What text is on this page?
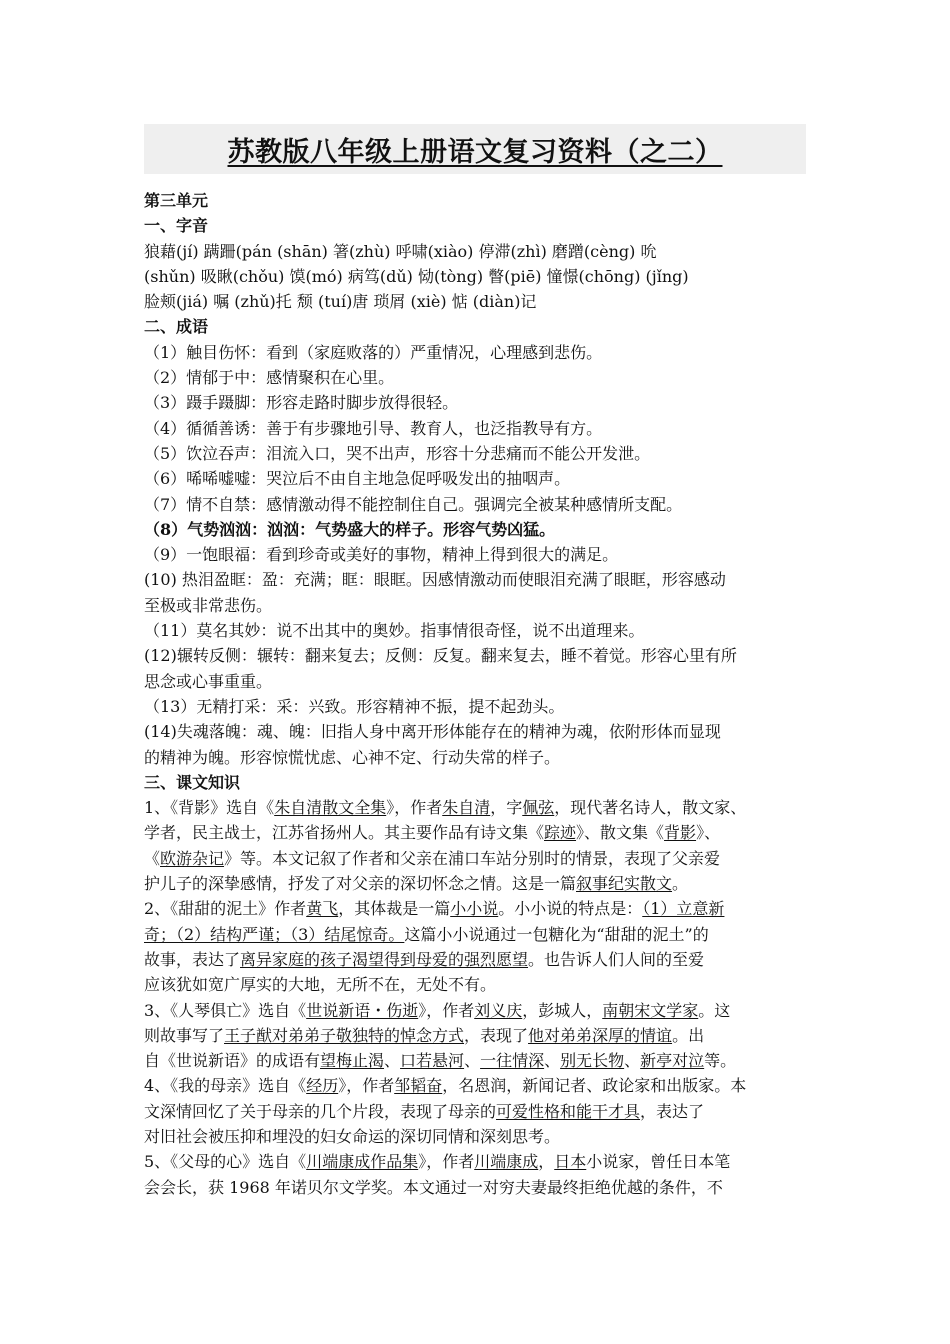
苏教版八年级上册语文复习资料（之二）
第三单元
一、字音
狼藉(jí) 蹒跚(pán (shān) 箸(zhù) 呼啸(xiào) 停滞(zhì) 磨蹭(cèng) 吮
(shǔn) 吸瞅(chǒu) 馍(mó) 病笃(dǔ) 恸(tòng) 瞥(piē) 憧憬(chōng) (jǐng)
脸颊(jiá) 嘱 (zhǔ)托 颓 (tuí)唐 琐屑 (xiè) 惦 (diàn)记
二、成语
（1）触目伤怀：看到（家庭败落的）严重情况，心理感到悲伤。
（2）情郁于中：感情聚积在心里。
（3）蹑手蹑脚：形容走路时脚步放得很轻。
（4）循循善诱：善于有步骤地引导、教育人，也泛指教导有方。
（5）饮泣吞声：泪流入口，哭不出声，形容十分悲痛而不能公开发泄。
（6）唏唏嘘嘘：哭泣后不由自主地急促呼吸发出的抽咽声。
（7）情不自禁：感情激动得不能控制住自己。强调完全被某种感情所支配。
（8）气势汹汹：汹汹：气势盛大的样子。形容气势凶猛。
（9）一饱眼福：看到珍奇或美好的事物，精神上得到很大的满足。
(10) 热泪盈眶：盈：充满；眶：眼眶。因感情激动而使眼泪充满了眼眶，形容感动
至极或非常悲伤。
（11）莫名其妙：说不出其中的奥妙。指事情很奇怪，说不出道理来。
(12)辗转反侧：辗转：翻来复去；反侧：反复。翻来复去，睡不着觉。形容心里有所
思念或心事重重。
（13）无精打采：采：兴致。形容精神不振，提不起劲头。
(14)失魂落魄：魂、魄：旧指人身中离开形体能存在的精神为魂，依附形体而显现
的精神为魄。形容惊慌忧虑、心神不定、行动失常的样子。
三、课文知识
1、《背影》选自《朱自清散文全集》，作者朱自清，字佩弦，现代著名诗人，散文家、
学者，民主战士，江苏省扬州人。其主要作品有诗文集《踪迹》、散文集《背影》、
《欧游杂记》等。本文记叙了作者和父亲在浦口车站分别时的情景，表现了父亲爱
护儿子的深挚感情，抒发了对父亲的深切怀念之情。这是一篇叙事纪实散文。
2、《甜甜的泥土》作者黄飞，其体裁是一篇小小说。小小说的特点是：（1）立意新
奇；（2）结构严谨；（3）结尾惊奇。这篇小小说通过一包糖化为“甜甜的泥土”的
故事，表达了离异家庭的孩子渴望得到母爱的强烈愿望。也告诉人们人间的至爱
应该犹如宽广厚实的大地，无所不在，无处不有。
3、《人琴俱亡》选自《世说新语・伤逝》，作者刘义庆，彭城人，南朝宋文学家。这
则故事写了王子猷对弟弟子敬独特的悼念方式，表现了他对弟弟深厚的情谊。出
自《世说新语》的成语有望梅止渴、口若悬河、一往情深、别无长物、新亭对泣等。
4、《我的母亲》选自《经历》，作者邹韬奋，名恩润，新闻记者、政论家和出版家。本
文深情回忆了关于母亲的几个片段，表现了母亲的可爱性格和能干才具，表达了
对旧社会被压抑和埋没的妇女命运的深切同情和深刻思考。
5、《父母的心》选自《川端康成作品集》，作者川端康成，日本小说家，曾任日本笔
会会长，获 1968 年诺贝尔文学奖。本文通过一对穷夫妻最终拒绝优越的条件，不
